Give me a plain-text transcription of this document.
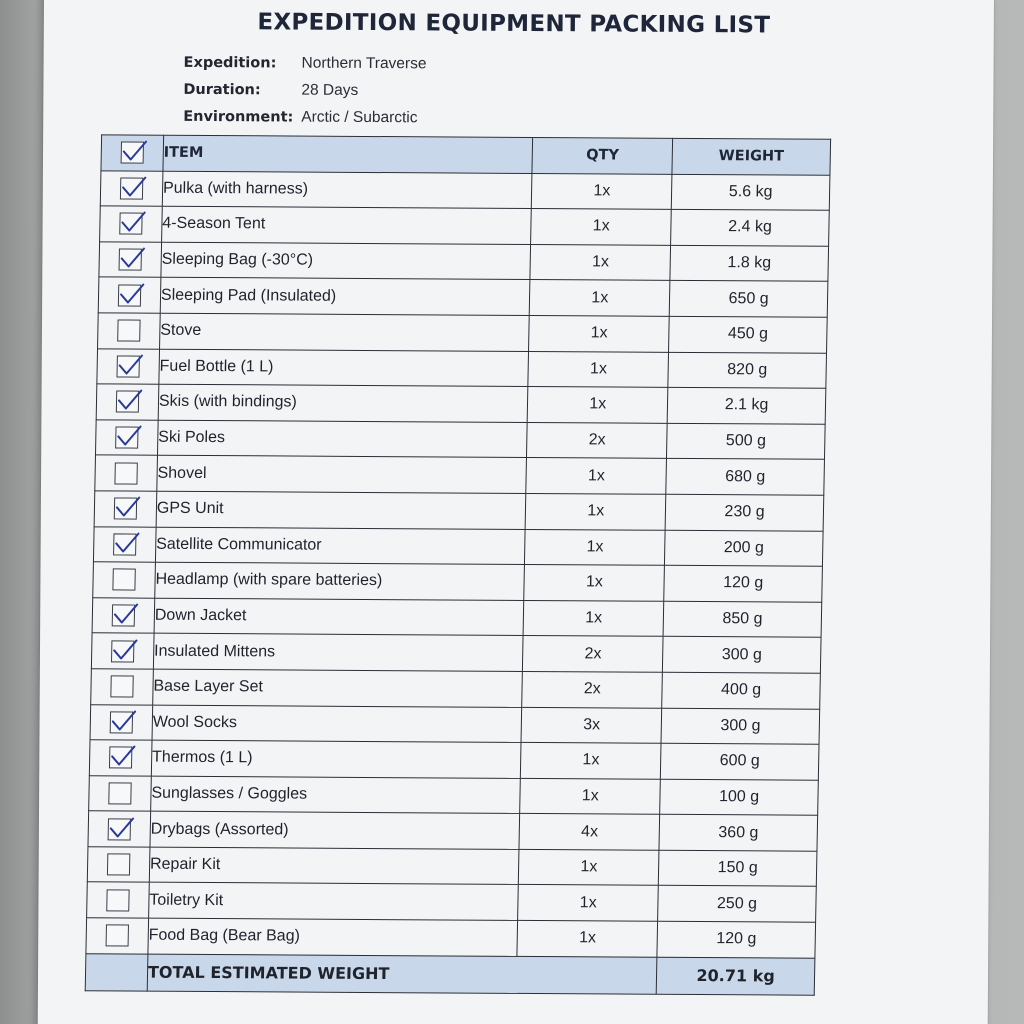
EXPEDITION EQUIPMENT PACKING LIST
Expedition:	Northern Traverse
Duration:	28 Days
Environment: Arctic / Subarctic
	ITEM	QTY	WEIGHT

	Pulka (with harness)	1x	5.6 kg

	4-Season Tent	1x	2.4 kg

	Sleeping Bag (-30°C)	1x	1.8 kg

	Sleeping Pad (Insulated)	1x	650 g
	Stove	1x	450 g

	Fuel Bottle (1 L)	1x	820 g

	Skis (with bindings)	1x	2.1 kg

	Ski Poles	2x	500 g
	Shovel	1x	680 g

	GPS Unit	1x	230 g

	Satellite Communicator	1x	200 g
	Headlamp (with spare batteries)	1x	120 g

	Down Jacket	1x	850 g

	Insulated Mittens	2x	300 g
	Base Layer Set	2x	400 g

	Wool Socks	3x	300 g

	Thermos (1 L)	1x	600 g
	Sunglasses / Goggles	1x	100 g

	Drybags (Assorted)	4x	360 g
	Repair Kit	1x	150 g
	Toiletry Kit	1x	250 g
	Food Bag (Bear Bag)	1x	120 g
	TOTAL ESTIMATED WEIGHT		20.71 kg
